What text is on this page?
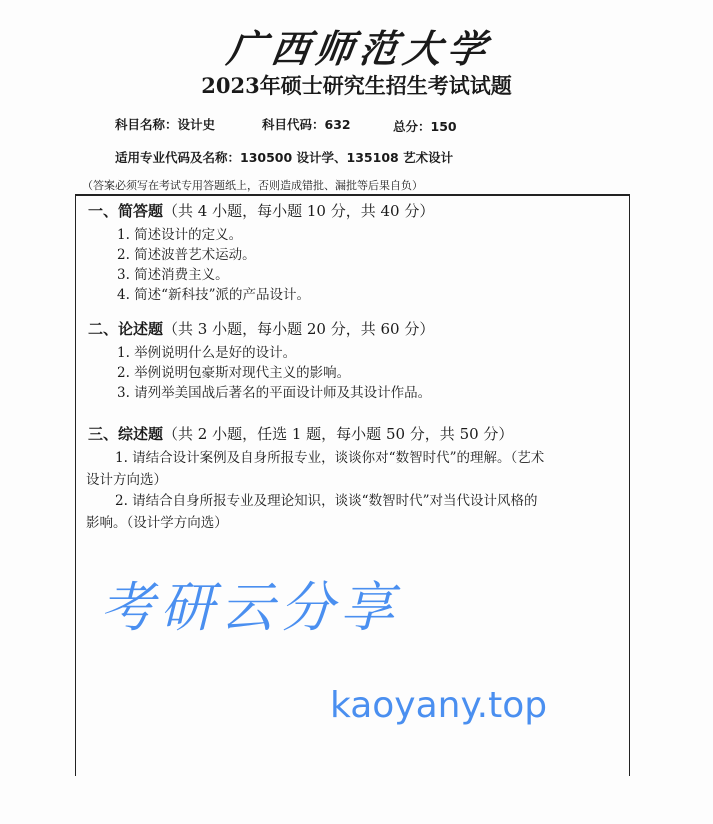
广西师范大学
2023年硕士研究生招生考试试题
科目名称：设计史	科目代码：632	总分：150
适用专业代码及名称：130500 设计学、135108 艺术设计
（答案必须写在考试专用答题纸上，否则造成错批、漏批等后果自负）
一、简答题（共 4 小题，每小题 10 分，共 40 分）
1. 简述设计的定义。
2. 简述波普艺术运动。
3. 简述消费主义。
4. 简述“新科技”派的产品设计。
二、论述题（共 3 小题，每小题 20 分，共 60 分）
1. 举例说明什么是好的设计。
2. 举例说明包豪斯对现代主义的影响。
3. 请列举美国战后著名的平面设计师及其设计作品。
三、综述题（共 2 小题，任选 1 题，每小题 50 分，共 50 分）
1. 请结合设计案例及自身所报专业，谈谈你对“数智时代”的理解。（艺术
设计方向选）
2. 请结合自身所报专业及理论知识，谈谈“数智时代”对当代设计风格的
影响。（设计学方向选）
考研云分享
kaoyany.top
